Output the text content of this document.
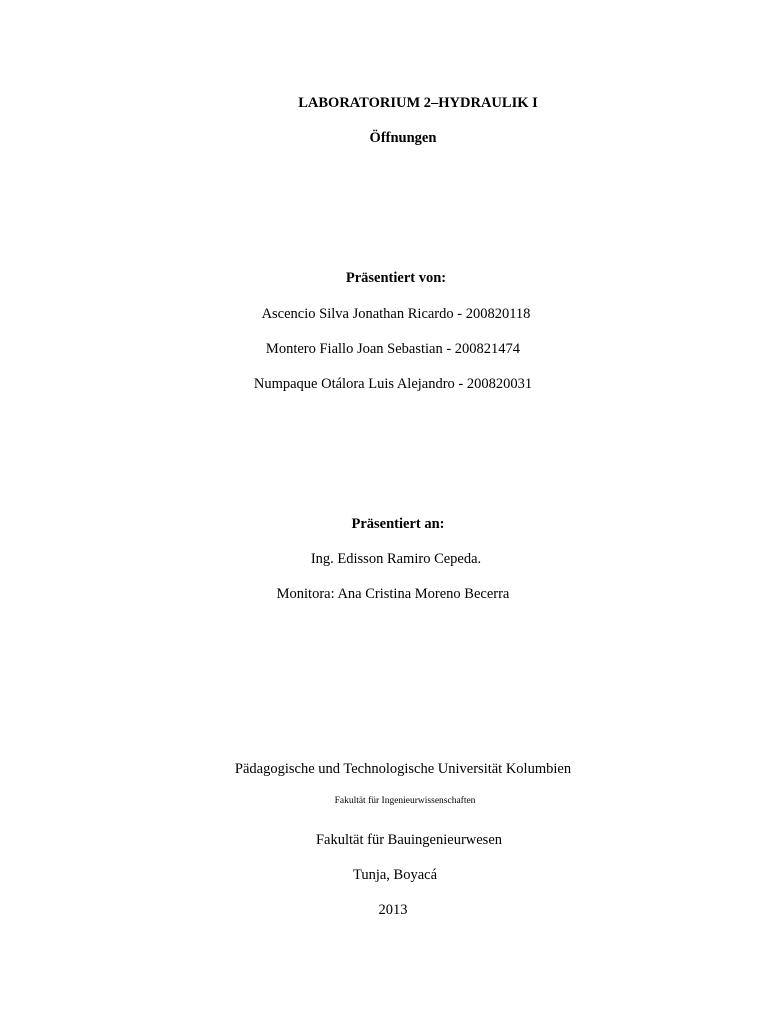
LABORATORIUM 2–HYDRAULIK I
Öffnungen
Präsentiert von:
Ascencio Silva Jonathan Ricardo - 200820118
Montero Fiallo Joan Sebastian - 200821474
Numpaque Otálora Luis Alejandro - 200820031
Präsentiert an:
Ing. Edisson Ramiro Cepeda.
Monitora: Ana Cristina Moreno Becerra
Pädagogische und Technologische Universität Kolumbien
Fakultät für Ingenieurwissenschaften
Fakultät für Bauingenieurwesen
Tunja, Boyacá
2013
